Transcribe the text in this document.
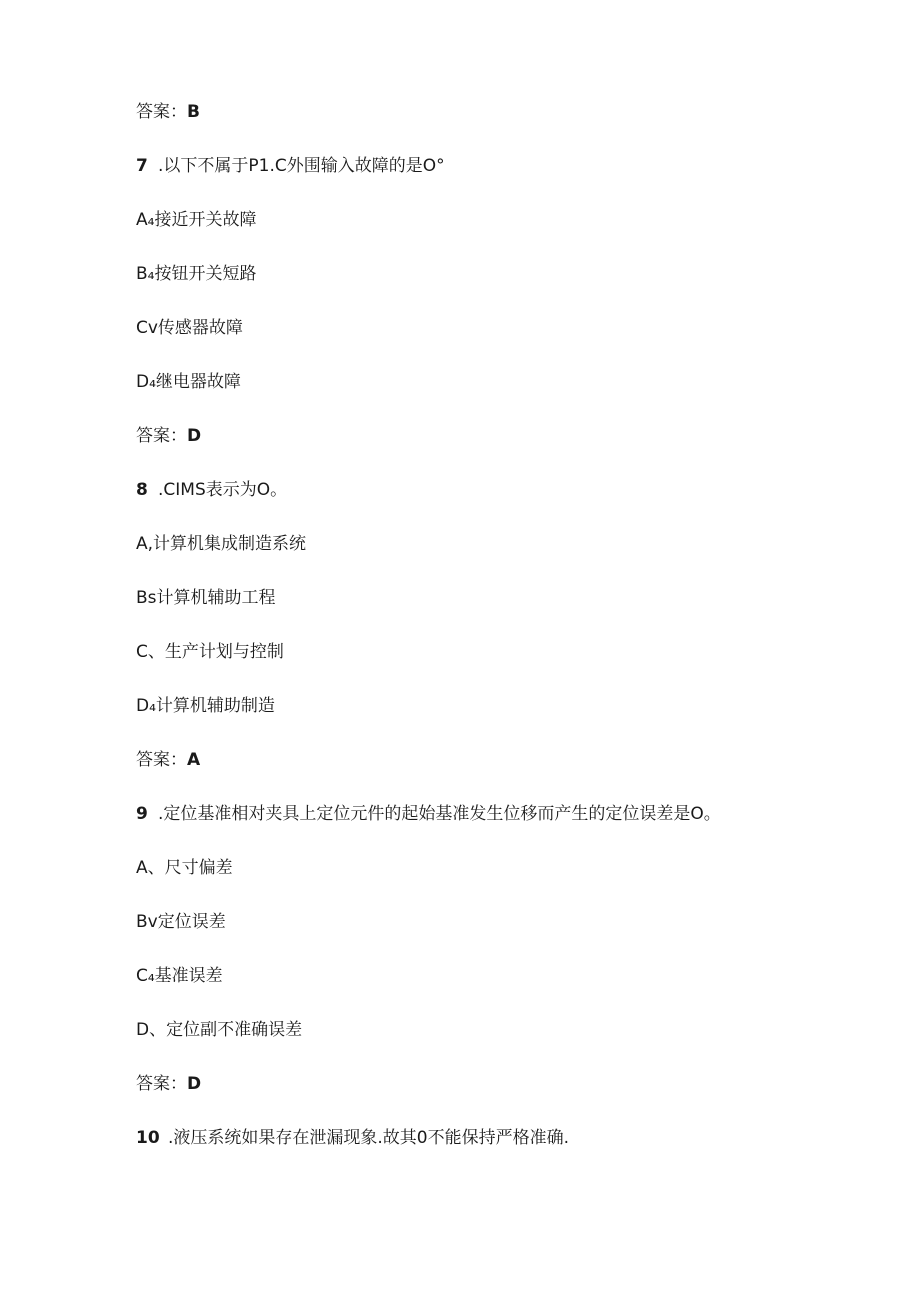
答案：B
7 .以下不属于P1.C外围输入故障的是O°
A₄接近开关故障
B₄按钮开关短路
Cv传感器故障
D₄继电器故障
答案：D
8 .CIMS表示为O。
A,计算机集成制造系统
Bs计算机辅助工程
C、生产计划与控制
D₄计算机辅助制造
答案：A
9 .定位基准相对夹具上定位元件的起始基准发生位移而产生的定位误差是O。
A、尺寸偏差
Bv定位误差
C₄基准误差
D、定位副不准确误差
答案：D
10 .液压系统如果存在泄漏现象.故其0不能保持严格准确.
